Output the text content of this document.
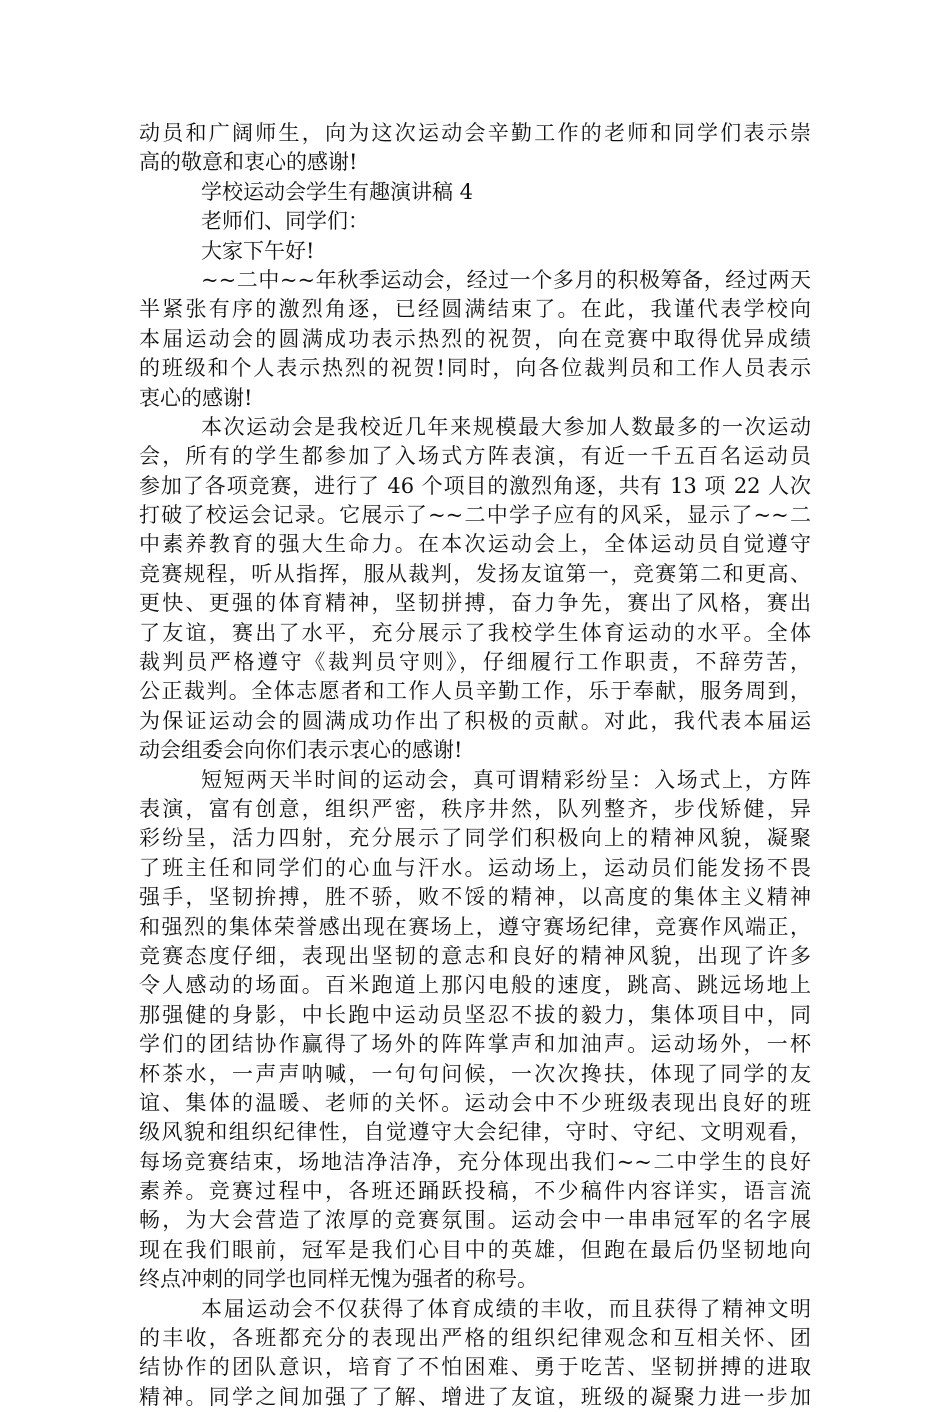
动员和广阔师生，向为这次运动会辛勤工作的老师和同学们表示崇
高的敬意和衷心的感谢!
学校运动会学生有趣演讲稿 4
老师们、同学们：
大家下午好!
~~二中~~年秋季运动会，经过一个多月的积极筹备，经过两天
半紧张有序的激烈角逐，已经圆满结束了。在此，我谨代表学校向
本届运动会的圆满成功表示热烈的祝贺，向在竞赛中取得优异成绩
的班级和个人表示热烈的祝贺!同时，向各位裁判员和工作人员表示
衷心的感谢!
本次运动会是我校近几年来规模最大参加人数最多的一次运动
会，所有的学生都参加了入场式方阵表演，有近一千五百名运动员
参加了各项竞赛，进行了 46 个项目的激烈角逐，共有 13 项 22 人次
打破了校运会记录。它展示了~~二中学子应有的风采，显示了~~二
中素养教育的强大生命力。在本次运动会上，全体运动员自觉遵守
竞赛规程，听从指挥，服从裁判，发扬友谊第一，竞赛第二和更高、
更快、更强的体育精神，坚韧拼搏，奋力争先，赛出了风格，赛出
了友谊，赛出了水平，充分展示了我校学生体育运动的水平。全体
裁判员严格遵守《裁判员守则》，仔细履行工作职责，不辞劳苦，
公正裁判。全体志愿者和工作人员辛勤工作，乐于奉献，服务周到，
为保证运动会的圆满成功作出了积极的贡献。对此，我代表本届运
动会组委会向你们表示衷心的感谢!
短短两天半时间的运动会，真可谓精彩纷呈：入场式上，方阵
表演，富有创意，组织严密，秩序井然，队列整齐，步伐矫健，异
彩纷呈，活力四射，充分展示了同学们积极向上的精神风貌，凝聚
了班主任和同学们的心血与汗水。运动场上，运动员们能发扬不畏
强手，坚韧拚搏，胜不骄，败不馁的精神，以高度的集体主义精神
和强烈的集体荣誉感出现在赛场上，遵守赛场纪律，竞赛作风端正，
竞赛态度仔细，表现出坚韧的意志和良好的精神风貌，出现了许多
令人感动的场面。百米跑道上那闪电般的速度，跳高、跳远场地上
那强健的身影，中长跑中运动员坚忍不拔的毅力，集体项目中，同
学们的团结协作赢得了场外的阵阵掌声和加油声。运动场外，一杯
杯茶水，一声声呐喊，一句句问候，一次次搀扶，体现了同学的友
谊、集体的温暖、老师的关怀。运动会中不少班级表现出良好的班
级风貌和组织纪律性，自觉遵守大会纪律，守时、守纪、文明观看，
每场竞赛结束，场地洁净洁净，充分体现出我们~~二中学生的良好
素养。竞赛过程中，各班还踊跃投稿，不少稿件内容详实，语言流
畅，为大会营造了浓厚的竞赛氛围。运动会中一串串冠军的名字展
现在我们眼前，冠军是我们心目中的英雄，但跑在最后仍坚韧地向
终点冲刺的同学也同样无愧为强者的称号。
本届运动会不仅获得了体育成绩的丰收，而且获得了精神文明
的丰收，各班都充分的表现出严格的组织纪律观念和互相关怀、团
结协作的团队意识，培育了不怕困难、勇于吃苦、坚韧拼搏的进取
精神。同学之间加强了了解、增进了友谊，班级的凝聚力进一步加
